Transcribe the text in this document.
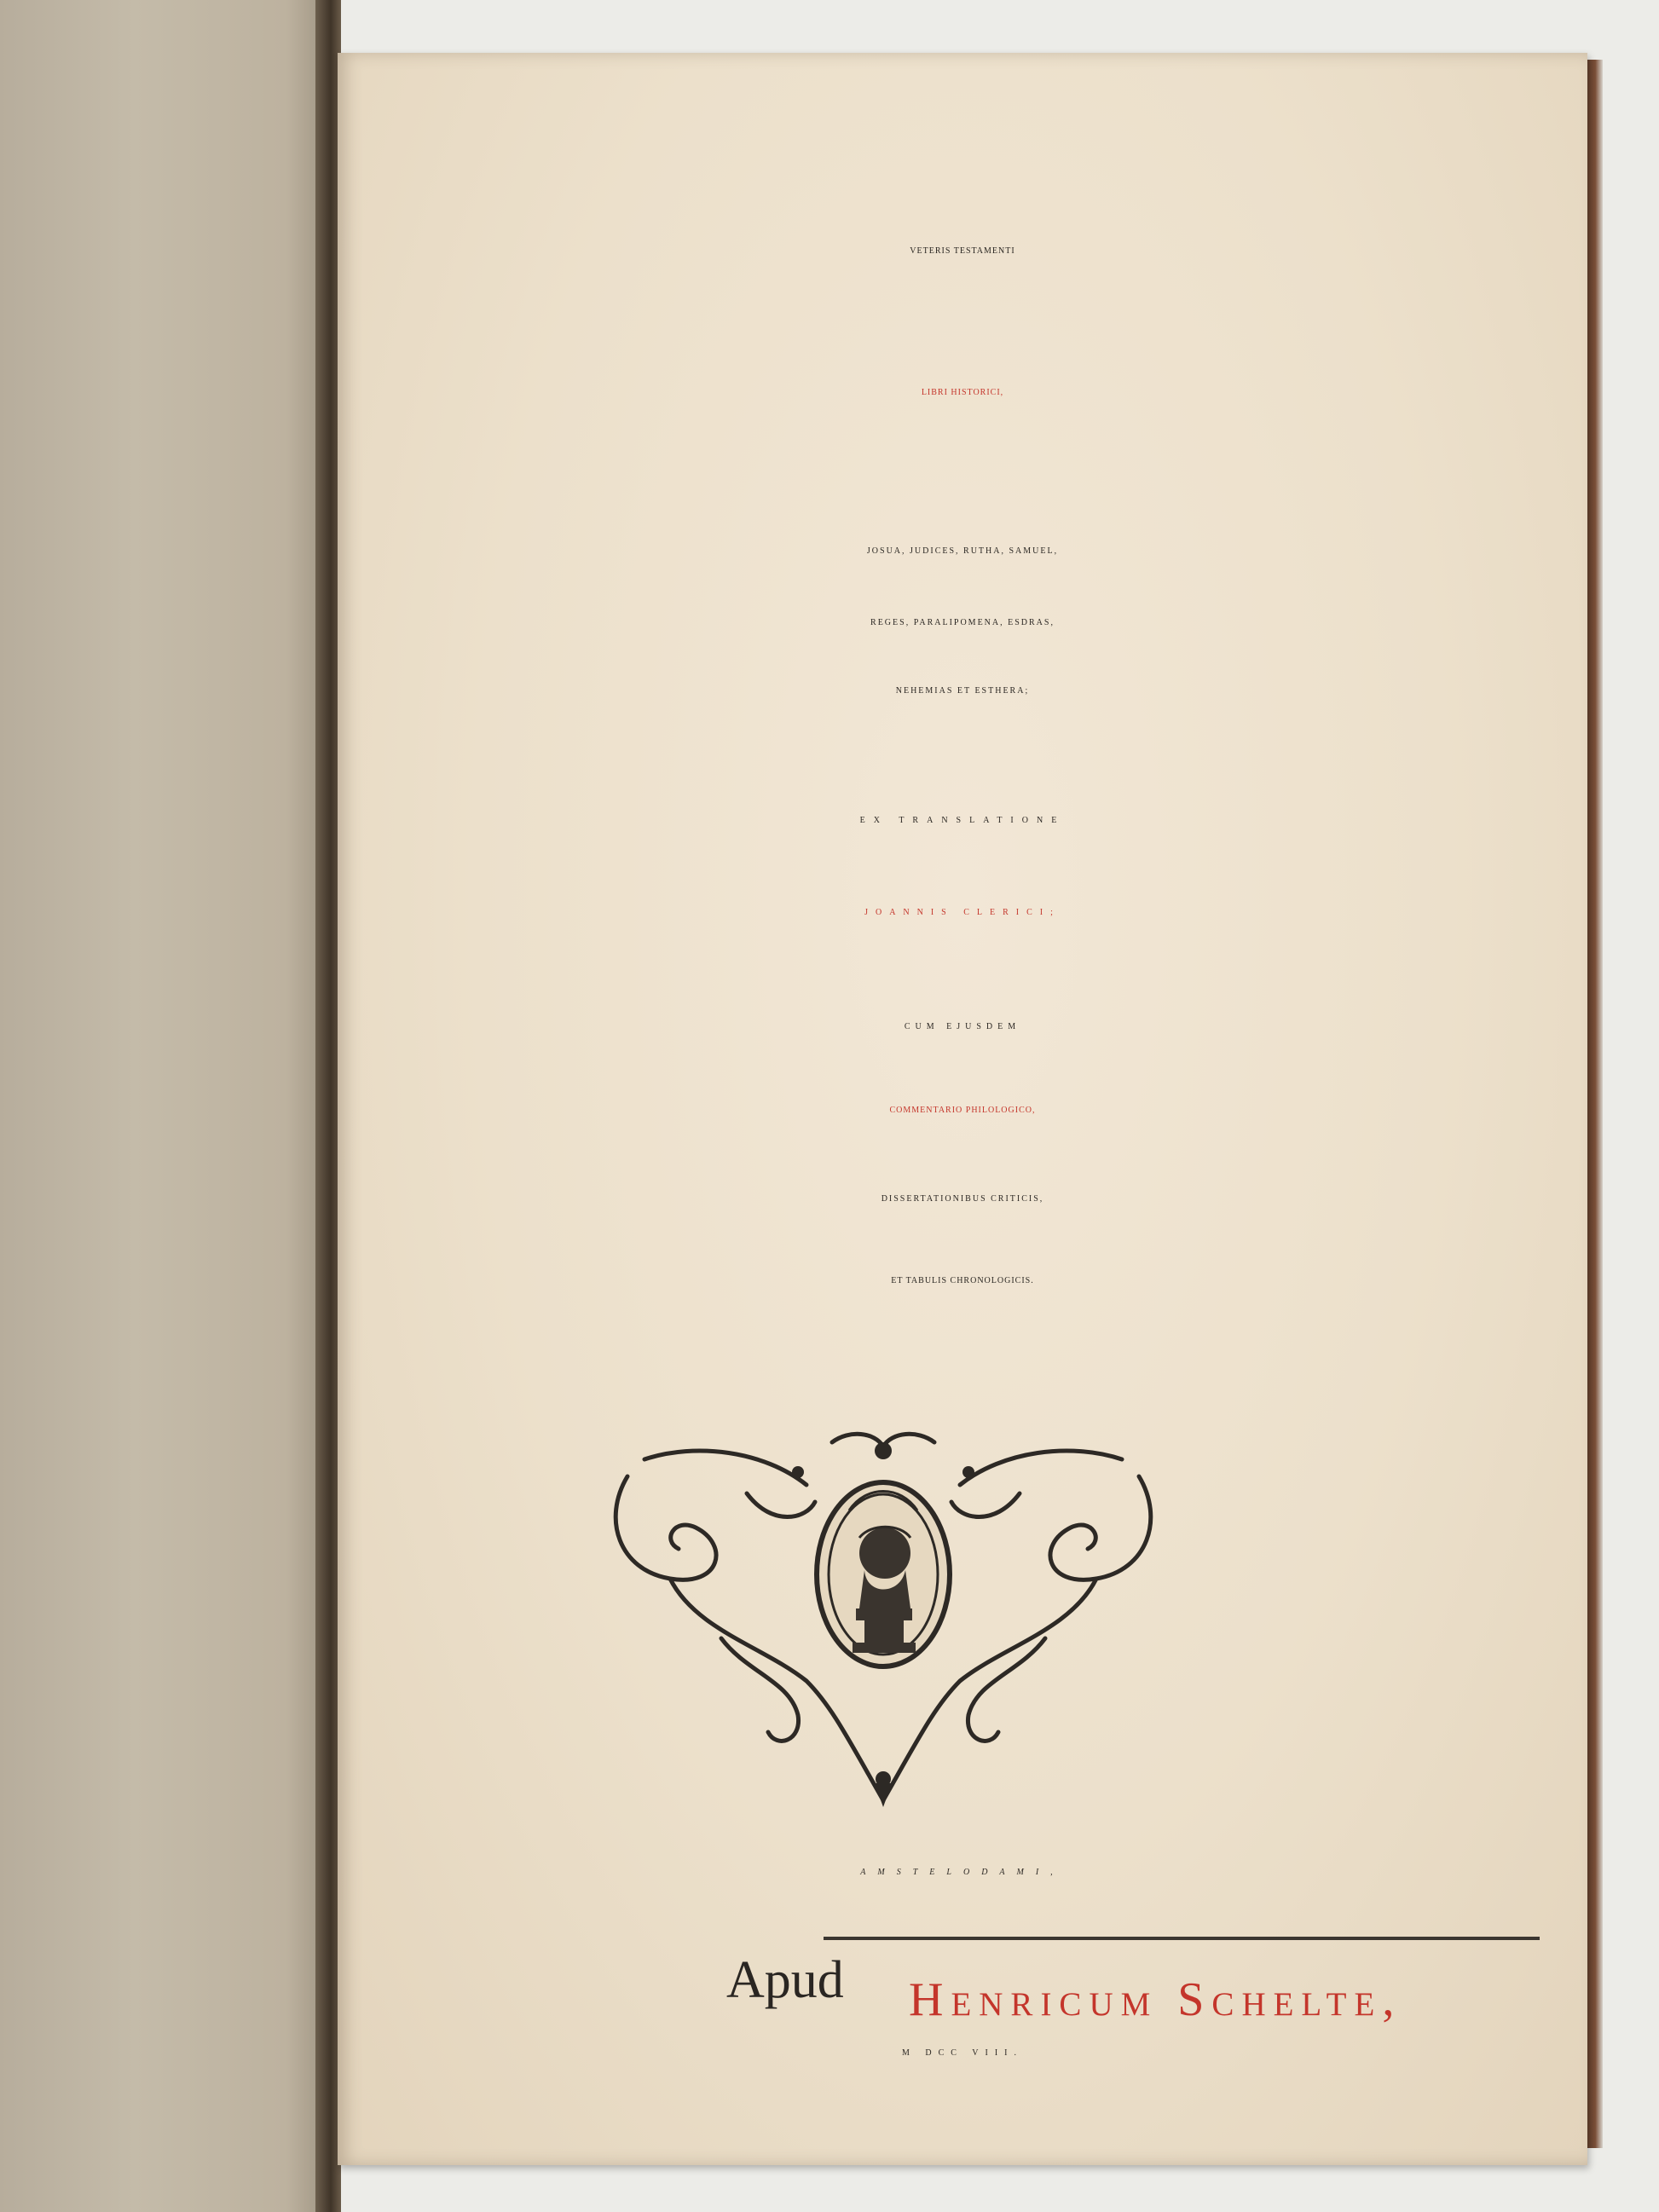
VETERIS TESTAMENTI

LIBRI HISTORICI,

JOSUA, JUDICES, RUTHA, SAMUEL,

REGES, PARALIPOMENA, ESDRAS,

NEHEMIAS ET ESTHERA;

EX TRANSLATIONE

JOANNIS CLERICI;

CUM EJUSDEM

COMMENTARIO PHILOLOGICO,

DISSERTATIONIBUS CRITICIS,

ET TABULIS CHRONOLOGICIS.

AMSTELODAMI,

Apud Henricum Schelte,

M DCC VIII.
